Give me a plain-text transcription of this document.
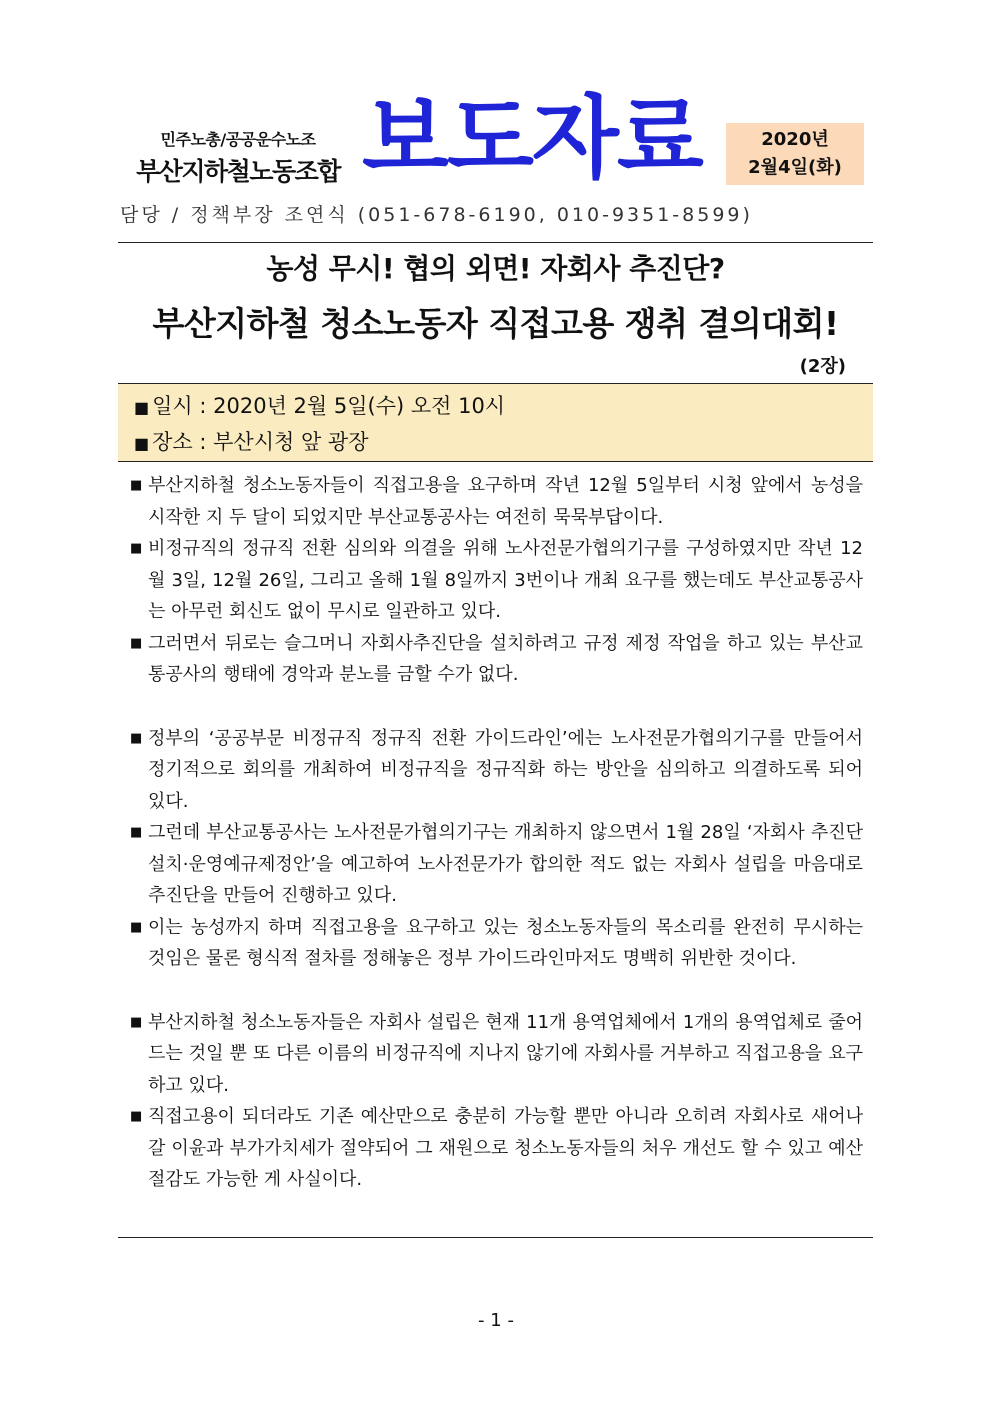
민주노총/공공운수노조
부산지하철노동조합 보도자료	2020년
2월4일(화)
담당 / 정책부장 조연식 (051-678-6190, 010-9351-8599)
농성 무시! 협의 외면! 자회사 추진단?
부산지하철 청소노동자 직접고용 쟁취 결의대회!
(2장)
■ 일시 : 2020년 2월 5일(수) 오전 10시
■ 장소 : 부산시청 앞 광장
■ 부산지하철 청소노동자들이 직접고용을 요구하며 작년 12월 5일부터 시청 앞에서 농성을 시작한 지 두 달이 되었지만 부산교통공사는 여전히 묵묵부답이다.
■ 비정규직의 정규직 전환 심의와 의결을 위해 노사전문가협의기구를 구성하였지만 작년 12월 3일, 12월 26일, 그리고 올해 1월 8일까지 3번이나 개최 요구를 했는데도 부산교통공사는 아무런 회신도 없이 무시로 일관하고 있다.
■ 그러면서 뒤로는 슬그머니 자회사추진단을 설치하려고 규정 제정 작업을 하고 있는 부산교통공사의 행태에 경악과 분노를 금할 수가 없다.
■ 정부의 ‘공공부문 비정규직 정규직 전환 가이드라인’에는 노사전문가협의기구를 만들어서 정기적으로 회의를 개최하여 비정규직을 정규직화 하는 방안을 심의하고 의결하도록 되어 있다.
■ 그런데 부산교통공사는 노사전문가협의기구는 개최하지 않으면서 1월 28일 ‘자회사 추진단 설치·운영예규제정안’을 예고하여 노사전문가가 합의한 적도 없는 자회사 설립을 마음대로 추진단을 만들어 진행하고 있다.
■ 이는 농성까지 하며 직접고용을 요구하고 있는 청소노동자들의 목소리를 완전히 무시하는 것임은 물론 형식적 절차를 정해놓은 정부 가이드라인마저도 명백히 위반한 것이다.
■ 부산지하철 청소노동자들은 자회사 설립은 현재 11개 용역업체에서 1개의 용역업체로 줄어드는 것일 뿐 또 다른 이름의 비정규직에 지나지 않기에 자회사를 거부하고 직접고용을 요구하고 있다.
■ 직접고용이 되더라도 기존 예산만으로 충분히 가능할 뿐만 아니라 오히려 자회사로 새어나갈 이윤과 부가가치세가 절약되어 그 재원으로 청소노동자들의 처우 개선도 할 수 있고 예산 절감도 가능한 게 사실이다.
- 1 -
